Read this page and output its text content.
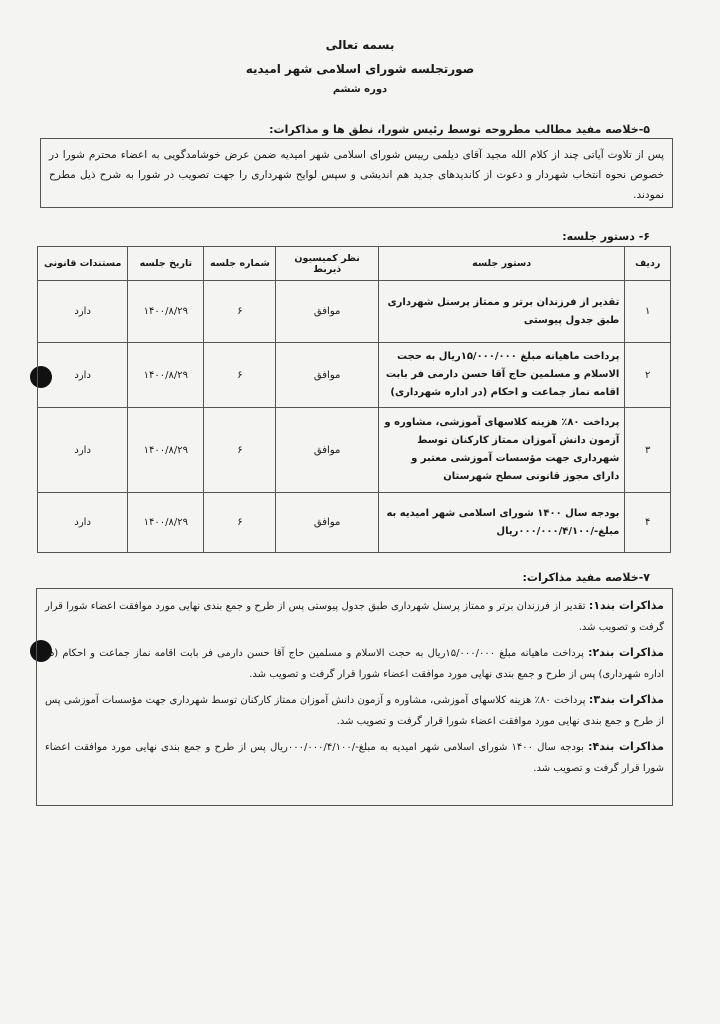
بسمه تعالی
صورتجلسه شورای اسلامی شهر امیدیه
دوره ششم
۵-خلاصه مفید مطالب مطروحه توسط رئیس شورا، نطق ها و مذاکرات:
پس از تلاوت آیاتی چند از کلام الله مجید آقای دیلمی رییس شورای اسلامی شهر امیدیه ضمن عرض خوشامدگویی به اعضاء محترم شورا در خصوص نحوه انتخاب شهردار و دعوت از کاندیدهای جدید هم اندیشی و سپس لوایح شهرداری را جهت تصویب در شورا به شرح ذیل مطرح نمودند.
۶- دستور جلسه:
ردیف	دستور جلسه	نظر کمیسیون ذیربط	شماره جلسه	تاریخ جلسه	مستندات قانونی
۱	تقدیر از فرزندان برتر و ممتاز پرسنل شهرداری طبق جدول پیوستی	موافق	۶	۱۴۰۰/۸/۲۹	دارد
۲	پرداخت ماهیانه مبلغ ۱۵/۰۰۰/۰۰۰ریال به حجت الاسلام و مسلمین حاج آقا حسن دارمی فر بابت اقامه نماز جماعت و احکام (در اداره شهرداری)	موافق	۶	۱۴۰۰/۸/۲۹	دارد
۳	پرداخت ۸۰٪ هزینه کلاسهای آموزشی، مشاوره و آزمون دانش آموزان ممتاز کارکنان توسط شهرداری جهت مؤسسات آموزشی معتبر و دارای مجوز قانونی سطح شهرستان	موافق	۶	۱۴۰۰/۸/۲۹	دارد
۴	بودجه سال ۱۴۰۰ شورای اسلامی شهر امیدیه به مبلغ-/۰۰۰/۰۰۰/۴/۱۰۰ریال	موافق	۶	۱۴۰۰/۸/۲۹	دارد
۷-خلاصه مفید مذاکرات:

مذاکرات بند۱: تقدیر از فرزندان برتر و ممتاز پرسنل شهرداری طبق جدول پیوستی پس از طرح و جمع بندی نهایی مورد موافقت اعضاء شورا قرار گرفت و تصویب شد.

مذاکرات بند۲: پرداخت ماهیانه مبلغ ۱۵/۰۰۰/۰۰۰ریال به حجت الاسلام و مسلمین حاج آقا حسن دارمی فر بابت اقامه نماز جماعت و احکام (در اداره شهرداری) پس از طرح و جمع بندی نهایی مورد موافقت اعضاء شورا قرار گرفت و تصویب شد.

مذاکرات بند۳: پرداخت ۸۰٪ هزینه کلاسهای آموزشی، مشاوره و آزمون دانش آموزان ممتاز کارکنان توسط شهرداری جهت مؤسسات آموزشی پس از طرح و جمع بندی نهایی مورد موافقت اعضاء شورا قرار گرفت و تصویب شد.

مذاکرات بند۴: بودجه سال ۱۴۰۰ شورای اسلامی شهر امیدیه به مبلغ-/۰۰۰/۰۰۰/۴/۱۰۰ریال پس از طرح و جمع بندی نهایی مورد موافقت اعضاء شورا قرار گرفت و تصویب شد.
